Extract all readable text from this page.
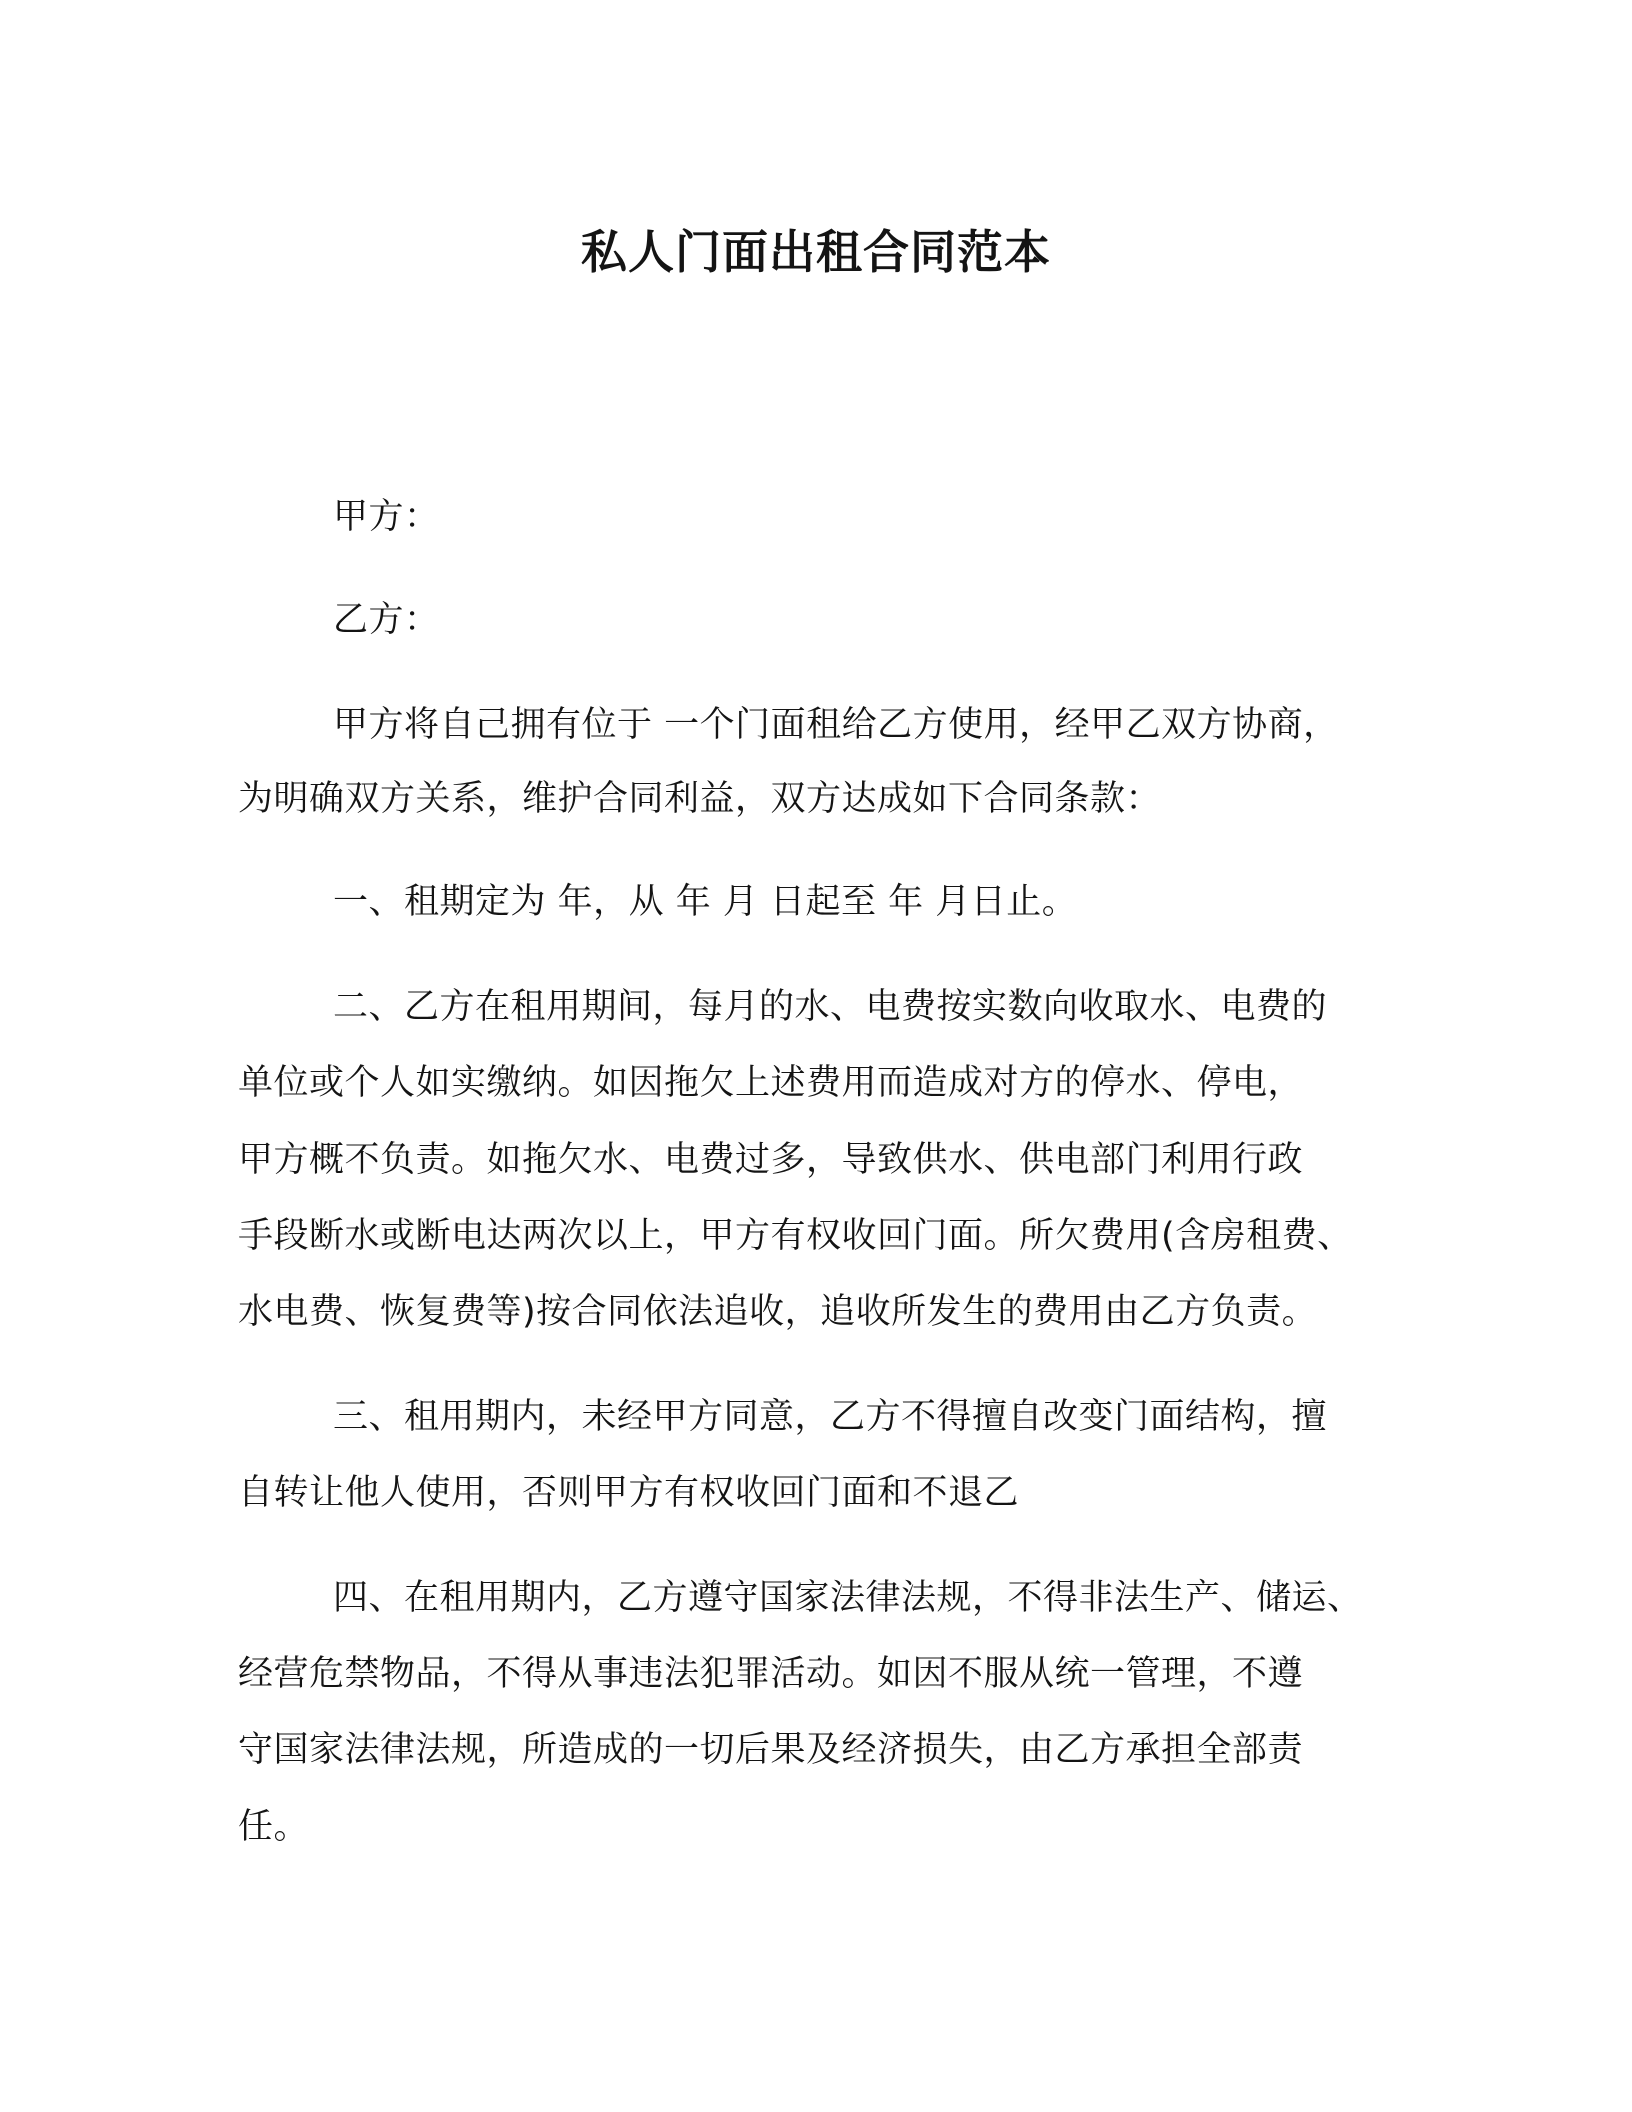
私人门面出租合同范本
甲方：
乙方：
甲方将自己拥有位于 一个门面租给乙方使用，经甲乙双方协商，
为明确双方关系，维护合同利益，双方达成如下合同条款：
一、租期定为 年，从 年 月 日起至 年 月日止。
二、乙方在租用期间，每月的水、电费按实数向收取水、电费的
单位或个人如实缴纳。如因拖欠上述费用而造成对方的停水、停电，
甲方概不负责。如拖欠水、电费过多，导致供水、供电部门利用行政
手段断水或断电达两次以上，甲方有权收回门面。所欠费用(含房租费、
水电费、恢复费等)按合同依法追收，追收所发生的费用由乙方负责。
三、租用期内，未经甲方同意，乙方不得擅自改变门面结构，擅
自转让他人使用，否则甲方有权收回门面和不退乙
四、在租用期内，乙方遵守国家法律法规，不得非法生产、储运、
经营危禁物品，不得从事违法犯罪活动。如因不服从统一管理，不遵
守国家法律法规，所造成的一切后果及经济损失，由乙方承担全部责
任。
